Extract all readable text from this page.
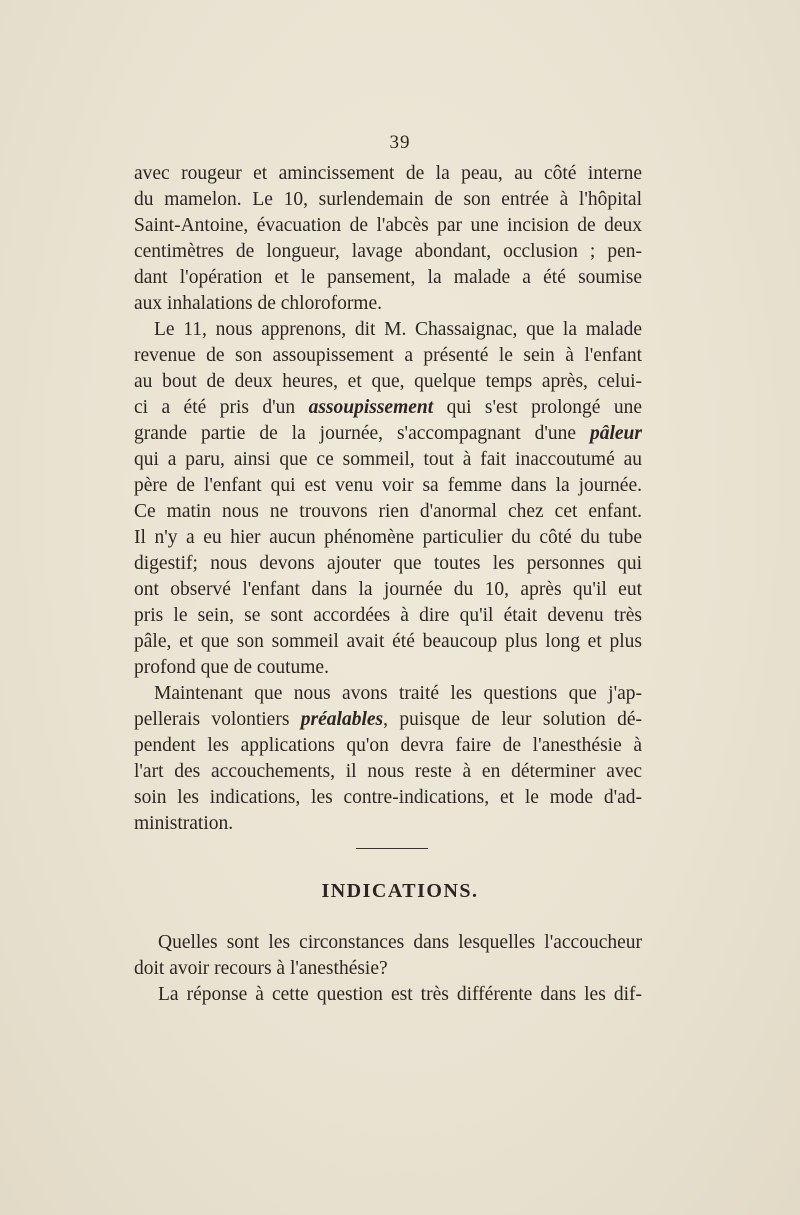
39
avec rougeur et amincissement de la peau, au côté interne
du mamelon. Le 10, surlendemain de son entrée à l'hôpital
Saint-Antoine, évacuation de l'abcès par une incision de deux
centimètres de longueur, lavage abondant, occlusion ; pen-
dant l'opération et le pansement, la malade a été soumise
aux inhalations de chloroforme.
Le 11, nous apprenons, dit M. Chassaignac, que la malade
revenue de son assoupissement a présenté le sein à l'enfant
au bout de deux heures, et que, quelque temps après, celui-
ci a été pris d'un assoupissement qui s'est prolongé une
grande partie de la journée, s'accompagnant d'une pâleur
qui a paru, ainsi que ce sommeil, tout à fait inaccoutumé au
père de l'enfant qui est venu voir sa femme dans la journée.
Ce matin nous ne trouvons rien d'anormal chez cet enfant.
Il n'y a eu hier aucun phénomène particulier du côté du tube
digestif; nous devons ajouter que toutes les personnes qui
ont observé l'enfant dans la journée du 10, après qu'il eut
pris le sein, se sont accordées à dire qu'il était devenu très
pâle, et que son sommeil avait été beaucoup plus long et plus
profond que de coutume.
Maintenant que nous avons traité les questions que j'ap-
pellerais volontiers préalables, puisque de leur solution dé-
pendent les applications qu'on devra faire de l'anesthésie à
l'art des accouchements, il nous reste à en déterminer avec
soin les indications, les contre-indications, et le mode d'ad-
ministration.
INDICATIONS.
Quelles sont les circonstances dans lesquelles l'accoucheur
doit avoir recours à l'anesthésie?
La réponse à cette question est très différente dans les dif-
